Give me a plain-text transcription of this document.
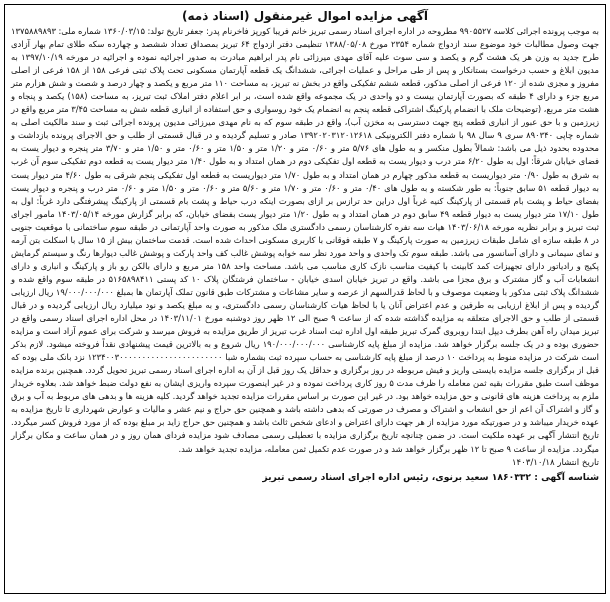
آگهی مزایده اموال غیرمنقول (اسناد ذمه)
به موجب پرونده اجرائی کلاسه ۹۹۰۵۵۲۷ مطروحه در اداره اجرای اسناد رسمی تبریز خانم فریبا کورپز فاخرنام پدر: جعفر تاریخ تولد: ۱۳۶۰/۰۳/۱۵ شماره ملی: ۱۳۷۵۸۸۹۸۹۳ جهت وصول مطالبات خود موضوع سند ازدواج شماره ۲۳۵۴ مورخ ۱۳۸۸/۰۵/۰۸ تنظیمی دفتر ازدواج ۶۴ تبریز بمصداق تعداد ششصد و چهارده سکه طلای تمام بهار آزادی طرح جدید به وزن هر یک هشت گرم و یکصد و سی سوت علیه آقای مهدی میرزائی نام پدر ابراهیم مبادرت به صدور اجرائیه نموده و اجرائیه در مورخه ۱۳۹۷/۱۰/۱۹ به مدیون ابلاغ و حسب درخواست بستانکار و پس از طی مراحل و عملیات اجرائی، ششدانگ یک قطعه آپارتمان مسکونی تحت پلاک ثبتی فرعی ۱۵۸ از ۱۵۸ فرعی از اصلی مفروز و مجزی شده از ۱۲۰ فرعی از اصلی مذکور، قطعه ششم تفکیکی واقع در بخش نه تبریز، به مساحت ۱۱۰ متر مربع و یکصد و چهار درصد و شصت و شش هزارم متر مربع جزء و دارای ۴ طبقه که بصورت آپارتمان بیست و دو واحدی در یک مجموعه واقع شده است، بر ابر اعلام دفتر املاک ثبت تبریز، به مساحت (۱۵۸) یکصد و پنجاه و هشت متر مربع، (توضیحات ملک با انضمام پارکینگ اشتراکی قطعه پنجم به انضمام یک خود روسواری و حق استفاده از انباری قطعه شش به مساحت ۳/۴۵ متر مربع واقع در زیرزمین و با حق عبور از انباری قطعه پنج جهت دسترسی به مخزن آب)، واقع در طبقه سوم که به نام مهدی میرزائی مدیون پرونده اجرائی ثبت و سند مالکیت اصلی به شماره چاپی ۸۹۰۳۴۰ سری ۹ سال ۹۸ با شماره دفتر الکترونیکی ۱۳۹۲۰۲۰۳۱۲۰۱۲۶۱۸ صادر و تسلیم گردیده و در قبال قسمتی از طلب و حق الاجرای پرونده بازداشت و محدوده بحدود ذیل می باشد: شمالاً بطول منکسر و به طول های ۵/۷۶ متر و ۰/۶۰ متر و ۱/۲۰ متر و ۱/۵۰ متر و ۰/۶۰ متر و ۱/۵۰ متر و ۳/۷۰ متر پنجره و دیوار یست به فضای خیابان شرقاً: اول به طول ۶/۲۰ متر درب و دیوار یست به قطعه اول تفکیکی دوم در همان امتداد و به طول ۱/۴۰ متر دیوار یست به قطعه دوم تفکیکی سوم آن غرب به شرق به طول ۰/۹۰ متر دیواریست به قطعه مذکور چهارم در همان امتداد و به طول ۱/۷۰ متر دیواریست به قطعه اول تفکیکی پنجم شرقی به طول ۴/۶۰ متر دیوار یست به دیوار قطعه ۵۱ سابق جنوباً: به طور شکسته و به طول های ۰/۴۰ متر و ۰/۶۰ متر و ۱/۷۰ متر و ۵/۶۰ متر و ۰/۶۰ متر و ۱/۵۰ متر و ۰/۶۰ متر درب و پنجره و دیوار یست بفضای حیاط و پشت بام قسمتی از پارکینگ کنیه غرباً اول دراین حد ترازس بر ازای بصورت اینکه درب حیاط و پشت بام قسمتی از پارکینگ پیشرفتگی دارد غرباً: اول به طول ۱۷/۱۰ متر دیوار یست به دیوار قطعه ۴۹ سابق دوم در همان امتداد و به طول ۱/۲۰ متر دیوار یست بفضای خیابان، که برابر گزارش مورخه ۱۴۰۳/۰۵/۱۴ مامور اجرای ثبت تبریز و برابر نظریه مورخه ۱۴۰۳/۰۶/۱۸ هیات سه نفره کارشناسان رسمی دادگستری ملک مذکور به صورت واحد آپارتمانی در طبقه سوم ساختمانی با موقعیت جنوبی در ۸ طبقه سازه ای شامل طبقات زیرزمین به صورت پارکینگ و ۷ طبقه فوقانی با کاربری مسکونی احداث شده است. قدمت ساختمان بیش از ۱۵ سال با اسکلت بتن آرمه و نمای سیمانی و دارای آسانسور می باشد. طبقه سوم تک واحدی و واحد مورد نظر سه خوابه پوشش غالب کف واحد پارکت و پوشش غالب دیوارها رنگ و سیستم گرمایش پکیج و رادیاتور دارای تجهیزات کمد کابینت با کیفیت مناسب نازک کاری مناسب می باشد. مساحت واحد ۱۵۸ متر مربع و دارای بالکن رو باز و پارکینگ و انباری و دارای انشعابات آب و گاز مشترک و برق مجزا می باشد. واقع در تبریز خیابان اسدی خیابان - ساختمان فرشتگان پلاک ۱۰ کد پستی ۵۱۶۵۸۹۸۴۱۱ در طبقه سوم واقع شده و ششدانگ پلاک ثبتی مذکور با وضعیت موصوف و با لحاظ قدرالسهم از عرصه و سایر مشاعات و مشترکات طبق قانون تملک آپارتمان ها بمبلغ ۱۹/۰۰۰/۰۰۰/۰۰۰ ریال ارزیابی گردیده و پس از ابلاغ ارزیابی به طرفین و عدم اعتراض آنان یا با لحاظ هیات کارشناسان رسمی دادگستری، و به مبلغ یکصد و نود میلیارد ریال ارزیابی گردیده و در قبال قسمتی از طلب و حق الاجرای متعلقه به مزایده گذاشته شده که از ساعت ۹ صبح الی ۱۲ ظهر روز دوشنبه مورخ ۱۴۰۳/۱۱/۰۱ در محل اداره اجرای اسناد رسمی واقع در تبریز میدان راه آهن بطرف دیپل ابتدا روبروی گمرک تبریز طبقه اول اداره ثبت اسناد غرب تبریز از طریق مزایده به فروش میرسد و شرکت برای عموم آزاد است و مزایده حضوری بوده و در یک جلسه برگزار خواهد شد. مزایده از مبلغ پایه کارشناسی ۱۹۰/۰۰۰/۰۰۰/۰۰۰ ریال شروع و به بالاترین قیمت پیشنهادی نقداً فروخته میشود. لازم بذکر است شرکت در مزایده منوط به پرداخت ۱۰ درصد از مبلغ پایه کارشناسی به حساب سپرده ثبت بشماره شبا ۱۲۳۴۰۰۳۰۰۰۰۰۰۰۰۰۰۰۰۰۰۰۰۰۰۰۰۰۰۰ نزد بانک ملی بوده که قبل از برگزاری جلسه مزایده بایستی واریز و فیش مربوطه در روز برگزاری و حداقل یک روز قبل از آن به اداره اجرای اسناد رسمی تبریز تحویل گردد. همچنین برنده مزایده موظف است طبق مقررات بقیه ثمن معامله را ظرف مدت ۵ روز کاری پرداخت نموده و در غیر اینصورت سپرده واریزی ایشان به نفع دولت ضبط خواهد شد. بعلاوه خریدار ملزم به پرداخت هزینه های قانونی و حق مزایده خواهد بود. در غیر این صورت بر اساس مقررات مزایده تجدید خواهد گردید. کلیه هزینه ها و بدهی های مربوط به آب و برق و گاز و اشتراک آن اعم از حق انشعاب و اشتراک و مصرف در صورتی که بدهی داشته باشد و همچنین حق حراج و نیم عشر و مالیات و عوارض شهرداری تا تاریخ مزایده به عهده خریدار میباشد و در صورتیکه مورد مزایده از هر جهت دارای اعتراض و ادعای شخص ثالث باشد و همچنین حق حراج زاید بر مبلغ بوده که از مورد فروش کسر میگردد. تاریخ انتشار آگهی بر عهده ملکیت است. در ضمن چنانچه تاریخ برگزاری مزایده با تعطیلی رسمی مصادف شود مزایده فردای همان روز و در همان ساعت و مکان برگزار میگردد. مزایده از ساعت ۹ صبح تا ۱۲ ظهر برگزار خواهد شد و در صورت عدم تکمیل ثمن معامله، مزایده تجدید خواهد شد.
تاریخ انتشار ۱۴۰۳/۱۰/۱۸
شناسه آگهی : ۱۸۶۰۳۳۲ سعید برنوی، رئیس اداره اجرای اسناد رسمی تبریز
